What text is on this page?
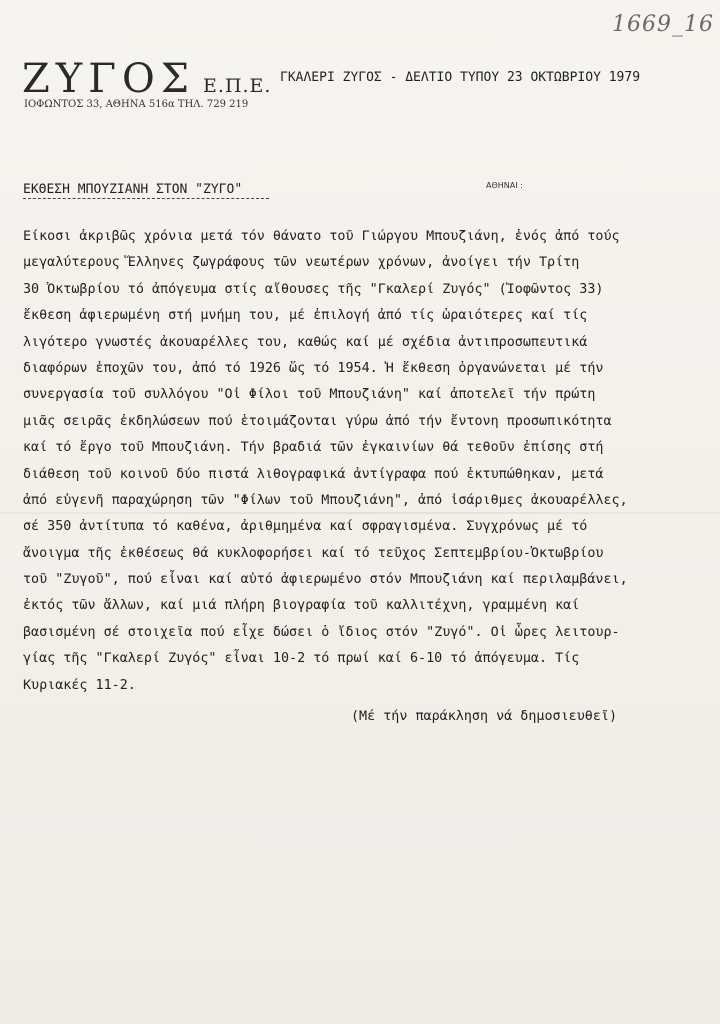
1669_16
ΖΥΓΟΣ Ε.Π.Ε.
ΙΟΦΩΝΤΟΣ 33, ΑΘΗΝΑ 516α ΤΗΛ. 729 219
ΓΚΑΛΕΡΙ ΖΥΓΟΣ - ΔΕΛΤΙΟ ΤΥΠΟΥ 23 ΟΚΤΩΒΡΙΟΥ 1979
ΕΚΘΕΣΗ ΜΠΟΥΖΙΑΝΗ ΣΤΟΝ "ΖΥΓΟ"	ΑΘΗΝΑΙ :
Είκοσι ἀκριβῶς χρόνια μετά τόν θάνατο τοῦ Γιώργου Μπουζιάνη, ἑνός ἀπό τούς
μεγαλύτερους Ἕλληνες ζωγράφους τῶν νεωτέρων χρόνων, ἀνοίγει τήν Τρίτη
30 Ὀκτωβρίου τό ἀπόγευμα στίς αἴθουσες τῆς "Γκαλερί Ζυγός" (Ἰοφῶντος 33)
ἔκθεση ἀφιερωμένη στή μνήμη του, μέ ἐπιλογή ἀπό τίς ὡραιότερες καί τίς
λιγότερο γνωστές ἀκουαρέλλες του, καθώς καί μέ σχέδια ἀντιπροσωπευτικά
διαφόρων ἐποχῶν του, ἀπό τό 1926 ὥς τό 1954. Ἡ ἔκθεση ὀργανώνεται μέ τήν
συνεργασία τοῦ συλλόγου "Οἱ Φίλοι τοῦ Μπουζιάνη" καί ἀποτελεῖ τήν πρώτη
μιᾶς σειρᾶς ἐκδηλώσεων πού ἑτοιμάζονται γύρω ἀπό τήν ἔντονη προσωπικότητα
καί τό ἔργο τοῦ Μπουζιάνη. Τήν βραδιά τῶν ἐγκαινίων θά τεθοῦν ἐπίσης στή
διάθεση τοῦ κοινοῦ δύο πιστά λιθογραφικά ἀντίγραφα πού ἐκτυπώθηκαν, μετά
ἀπό εὐγενῆ παραχώρηση τῶν "Φίλων τοῦ Μπουζιάνη", ἀπό ἰσάριθμες ἀκουαρέλλες,
σέ 350 ἀντίτυπα τό καθένα, ἀριθμημένα καί σφραγισμένα. Συγχρόνως μέ τό
ἄνοιγμα τῆς ἐκθέσεως θά κυκλοφορήσει καί τό τεῦχος Σεπτεμβρίου-Ὀκτωβρίου
τοῦ "Ζυγοῦ", πού εἶναι καί αὐτό ἀφιερωμένο στόν Μπουζιάνη καί περιλαμβάνει,
ἐκτός τῶν ἄλλων, καί μιά πλήρη βιογραφία τοῦ καλλιτέχνη, γραμμένη καί
βασισμένη σέ στοιχεῖα πού εἶχε δώσει ὁ ἴδιος στόν "Ζυγό". Οἱ ὧρες λειτουρ-
γίας τῆς "Γκαλερί Ζυγός" εἶναι 10-2 τό πρωί καί 6-10 τό ἀπόγευμα. Τίς
Κυριακές 11-2.
(Μέ τήν παράκληση νά δημοσιευθεῖ)
